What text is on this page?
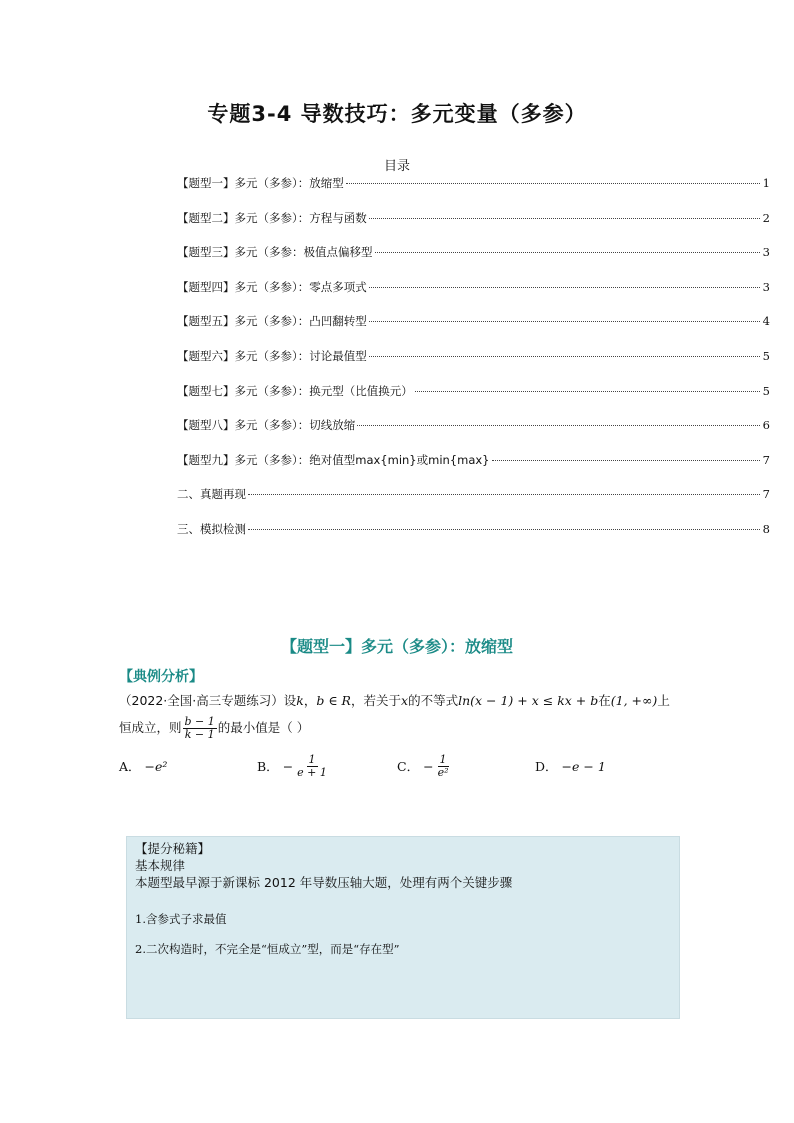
专题3-4 导数技巧：多元变量（多参）
目录
【题型一】多元（多参）：放缩型	1
【题型二】多元（多参）：方程与函数	2
【题型三】多元（多参：极值点偏移型	3
【题型四】多元（多参）：零点多项式	3
【题型五】多元（多参）：凸凹翻转型	4
【题型六】多元（多参）：讨论最值型	5
【题型七】多元（多参）：换元型（比值换元）	5
【题型八】多元（多参）：切线放缩	6
【题型九】多元（多参）：绝对值型max{min}或min{max}	7
二、真题再现	7
三、模拟检测	8
【题型一】多元（多参）：放缩型
【典例分析】
（2022·全国·高三专题练习）设k，b ∈ R，若关于x的不等式ln(x − 1) + x ≤ kx + b在(1, +∞)上
恒成立，则 $\frac{b - 1}{k - 1}$ 的最小值是（ ）
A． −e²	B． − $\frac{1}{e + 1}$	C． − $\frac{1}{\text{e²}}$	D． −e − 1
【提分秘籍】
基本规律
本题型最早源于新课标 2012 年导数压轴大题，处理有两个关键步骤
1.含参式子求最值
2.二次构造时，不完全是“恒成立”型，而是“存在型”
